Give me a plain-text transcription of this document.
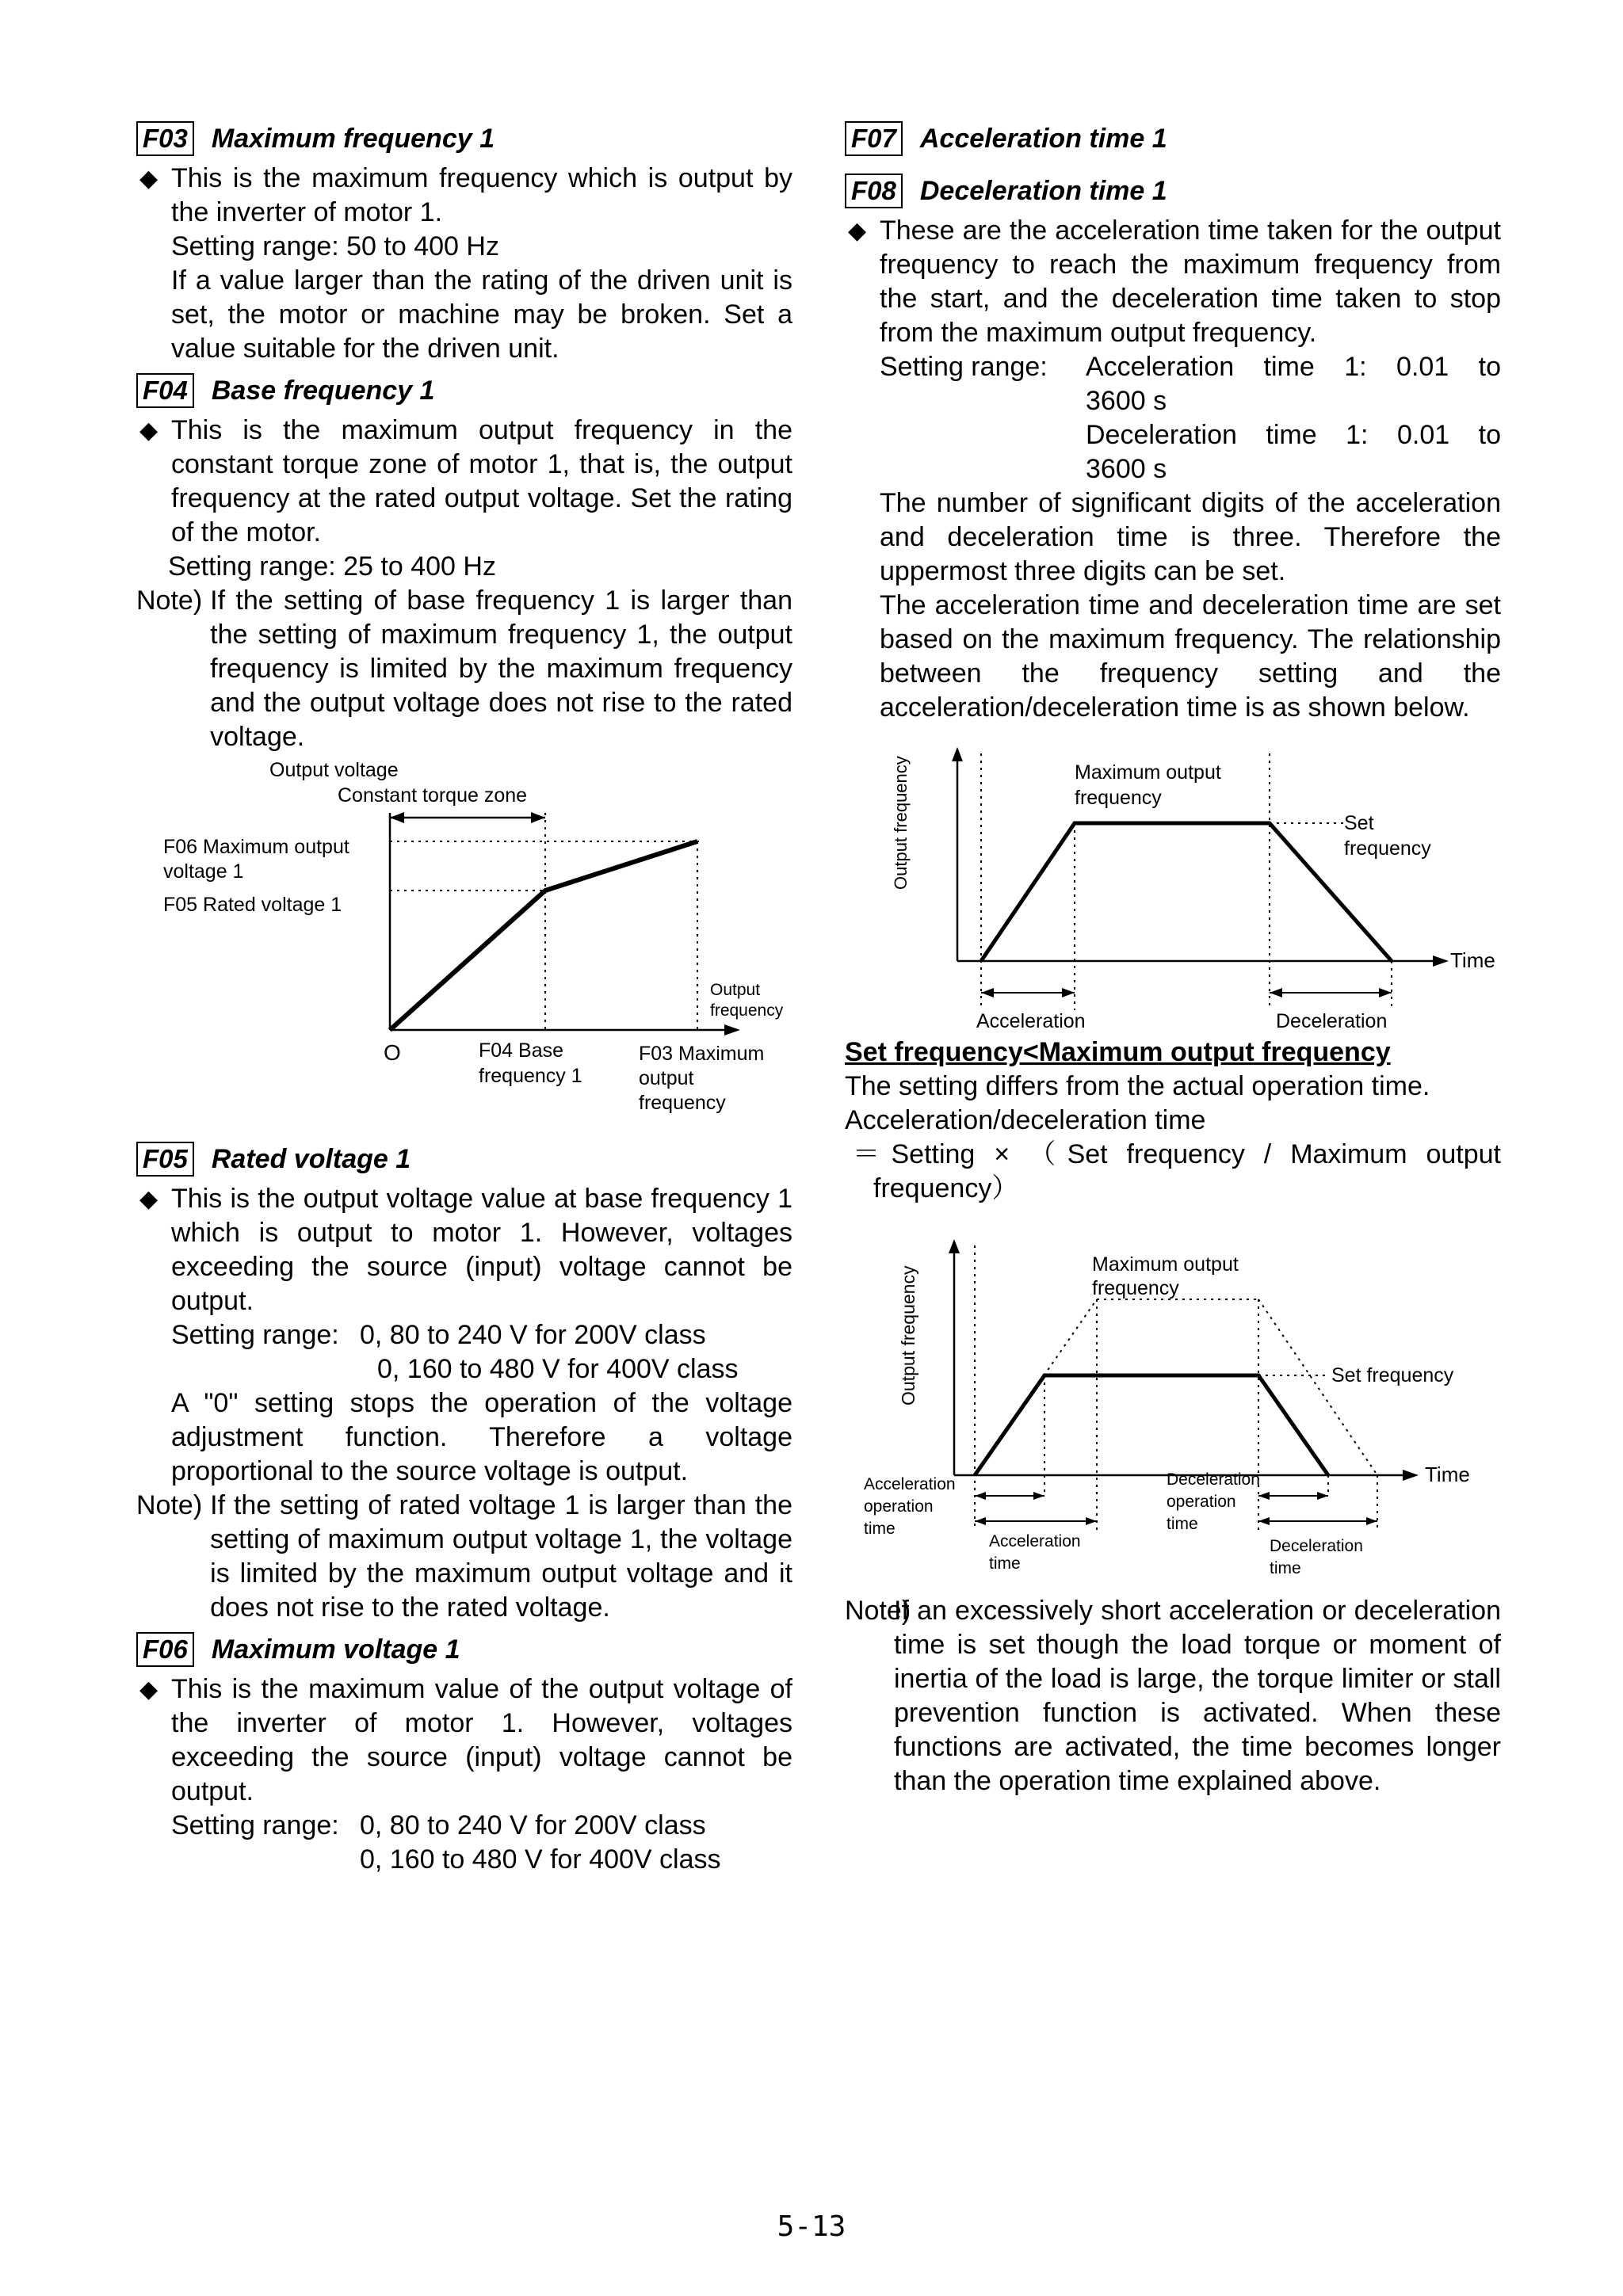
F03 Maximum frequency 1
◆ This is the maximum frequency which is output by the inverter of motor 1.
Setting range: 50 to 400 Hz
If a value larger than the rating of the driven unit is set, the motor or machine may be broken. Set a value suitable for the driven unit.
F04 Base frequency 1
◆ This is the maximum output frequency in the constant torque zone of motor 1, that is, the output frequency at the rated output voltage. Set the rating of the motor.
Setting range: 25 to 400 Hz
Note) If the setting of base frequency 1 is larger than the setting of maximum frequency 1, the output frequency is limited by the maximum frequency and the output voltage does not rise to the rated voltage.
Output voltage
Constant torque zone
F06 Maximum output
voltage 1
F05 Rated voltage 1
Output
frequency
O	F04 Base
frequency 1
F03 Maximum
output
frequency
F05 Rated voltage 1
◆ This is the output voltage value at base frequency 1 which is output to motor 1. However, voltages exceeding the source (input) voltage cannot be output.
Setting range: 0, 80 to 240 V for 200V class
0, 160 to 480 V for 400V class
A "0" setting stops the operation of the voltage adjustment function. Therefore a voltage proportional to the source voltage is output.
Note) If the setting of rated voltage 1 is larger than the setting of maximum output voltage 1, the voltage is limited by the maximum output voltage and it does not rise to the rated voltage.
F06 Maximum voltage 1
◆ This is the maximum value of the output voltage of the inverter of motor 1. However, voltages exceeding the source (input) voltage cannot be output.
Setting range: 0, 80 to 240 V for 200V class
0, 160 to 480 V for 400V class
F07 Acceleration time 1
F08 Deceleration time 1
◆ These are the acceleration time taken for the output frequency to reach the maximum frequency from the start, and the deceleration time taken to stop from the maximum output frequency.
Setting range:	Acceleration time 1: 0.01 to
3600 s
Deceleration time 1: 0.01 to
3600 s
The number of significant digits of the acceleration and deceleration time is three. Therefore the uppermost three digits can be set.
The acceleration time and deceleration time are set based on the maximum frequency. The relationship between the frequency setting and the acceleration/deceleration time is as shown below.
Output frequency
Time
Maximum output
frequency
Set
frequency
Acceleration	Deceleration
Set frequency<Maximum output frequency
The setting differs from the actual operation time.
Acceleration/deceleration time
＝Setting × （Set frequency / Maximum output
frequency）
Output frequency
Time
Maximum output
frequency
Set frequency
Acceleration
operation
time
Acceleration
time
Deceleration
operation
time
Deceleration
time
Note)
If an excessively short acceleration or deceleration time is set though the load torque or moment of inertia of the load is large, the torque limiter or stall prevention function is activated. When these functions are activated, the time becomes longer than the operation time explained above.
5-13
